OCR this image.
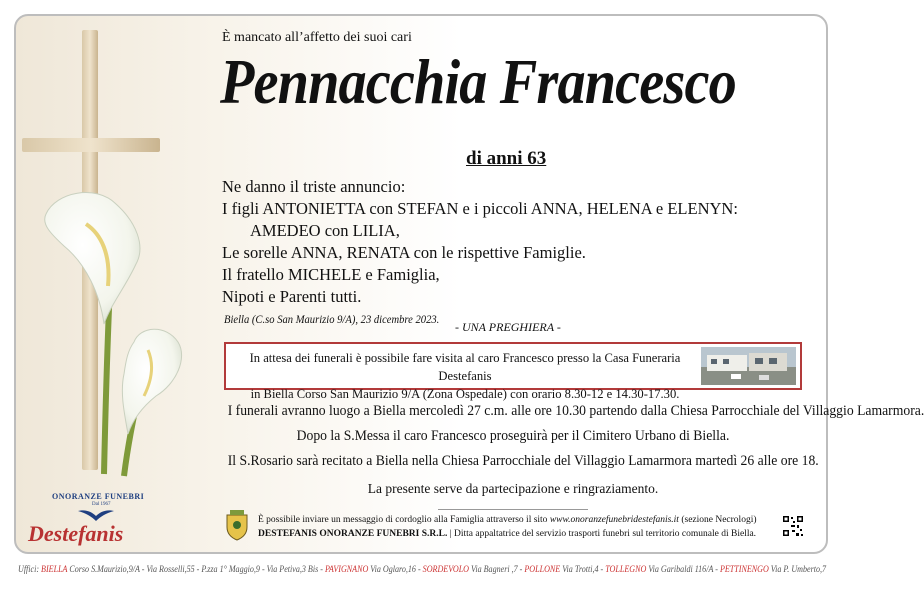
È mancato all’affetto dei suoi cari
Pennacchia Francesco
di anni 63
Ne danno il triste annuncio:
I figli ANTONIETTA con STEFAN e i piccoli ANNA, HELENA e ELENYN:
AMEDEO con LILIA,
Le sorelle ANNA, RENATA con le rispettive Famiglie.
Il fratello MICHELE e Famiglia,
Nipoti e Parenti tutti.
Biella (C.so San Maurizio 9/A), 23 dicembre 2023. - UNA PREGHIERA -
In attesa dei funerali è possibile fare visita al caro Francesco presso la Casa Funeraria Destefanis
in Biella Corso San Maurizio 9/A (Zona Ospedale) con orario 8.30-12 e 14.30-17.30.
I funerali avranno luogo a Biella mercoledì 27 c.m. alle ore 10.30 partendo dalla Chiesa Parrocchiale del Villaggio Lamarmora.
Dopo la S.Messa il caro Francesco proseguirà per il Cimitero Urbano di Biella.
Il S.Rosario sarà recitato a Biella nella Chiesa Parrocchiale del Villaggio Lamarmora martedì 26 alle ore 18.
La presente serve da partecipazione e ringraziamento.
È possibile inviare un messaggio di cordoglio alla Famiglia attraverso il sito www.onoranzefunebridestefanis.it (sezione Necrologi)
DESTEFANIS ONORANZE FUNEBRI S.R.L. | Ditta appaltatrice del servizio trasporti funebri sul territorio comunale di Biella.
ONORANZE FUNEBRI
Dal 1967
Destefanis
Uffici: BIELLA Corso S.Maurizio,9/A - Via Rosselli,55 - P.zza 1° Maggio,9 - Via Petiva,3 Bis - PAVIGNANO Via Oglaro,16 - SORDEVOLO Via Bagneri ,7 - POLLONE Via Trotti,4 - TOLLEGNO Via Garibaldi 116/A - PETTINENGO Via P. Umberto,7
